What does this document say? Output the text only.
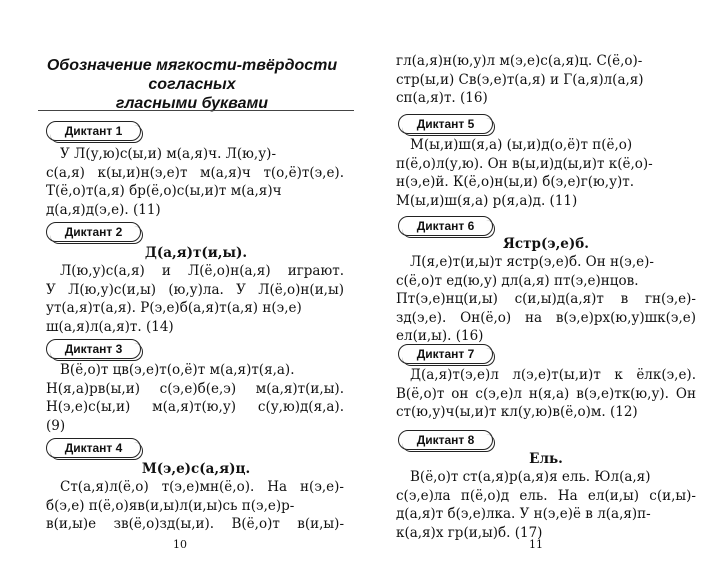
Обозначение мягкости-твёрдости
согласных
гласными буквами
Диктант 1
У Л(у,ю)с(ы,и) м(а,я)ч. Л(ю,у)-
с(а,я) к(ы,и)н(э,е)т м(а,я)ч т(о,ё)т(э,е).
Т(ё,о)т(а,я) бр(ё,о)с(ы,и)т м(а,я)ч
д(а,я)д(э,е). (11)
Диктант 2
Д(а,я)т(и,ы).
Л(ю,у)с(а,я) и Л(ё,о)н(а,я) играют.
У Л(ю,у)с(и,ы) (ю,у)ла. У Л(ё,о)н(и,ы)
ут(а,я)т(а,я). Р(э,е)б(а,я)т(а,я) н(э,е)
ш(а,я)л(а,я)т. (14)
Диктант 3
В(ё,о)т цв(э,е)т(о,ё)т м(а,я)т(я,а).
Н(я,а)рв(ы,и) с(э,е)б(е,э) м(а,я)т(и,ы).
Н(э,е)с(ы,и) м(а,я)т(ю,у) с(у,ю)д(я,а).
(9)
Диктант 4
М(э,е)с(а,я)ц.
Ст(а,я)л(ё,о) т(э,е)мн(ё,о). На н(э,е)-
б(э,е) п(ё,о)яв(и,ы)л(и,ы)сь п(э,е)р-
в(и,ы)е зв(ё,о)зд(ы,и). В(ё,о)т в(и,ы)-
10
гл(а,я)н(ю,у)л м(э,е)с(а,я)ц. С(ё,о)-
стр(ы,и) Св(э,е)т(а,я) и Г(а,я)л(а,я)
сп(а,я)т. (16)
Диктант 5
М(ы,и)ш(я,а) (ы,и)д(о,ё)т п(ё,о)
п(ё,о)л(у,ю). Он в(ы,и)д(ы,и)т к(ё,о)-
н(э,е)й. К(ё,о)н(ы,и) б(э,е)г(ю,у)т.
М(ы,и)ш(я,а) р(я,а)д. (11)
Диктант 6
Ястр(э,е)б.
Л(я,е)т(и,ы)т ястр(э,е)б. Он н(э,е)-
с(ё,о)т ед(ю,у) дл(а,я) пт(э,е)нцов.
Пт(э,е)нц(и,ы) с(и,ы)д(а,я)т в гн(э,е)-
зд(э,е). Он(ё,о) на в(э,е)рх(ю,у)шк(э,е)
ел(и,ы). (16)
Диктант 7
Д(а,я)т(э,е)л л(э,е)т(ы,и)т к ёлк(э,е).
В(ё,о)т он с(э,е)л н(я,а) в(э,е)тк(ю,у). Он
ст(ю,у)ч(ы,и)т кл(у,ю)в(ё,о)м. (12)
Диктант 8
Ель.
В(ё,о)т ст(а,я)р(а,я)я ель. Юл(а,я)
с(э,е)ла п(ё,о)д ель. На ел(и,ы) с(и,ы)-
д(а,я)т б(э,е)лка. У н(э,е)ё в л(а,я)п-
к(а,я)х гр(и,ы)б. (17)
11
